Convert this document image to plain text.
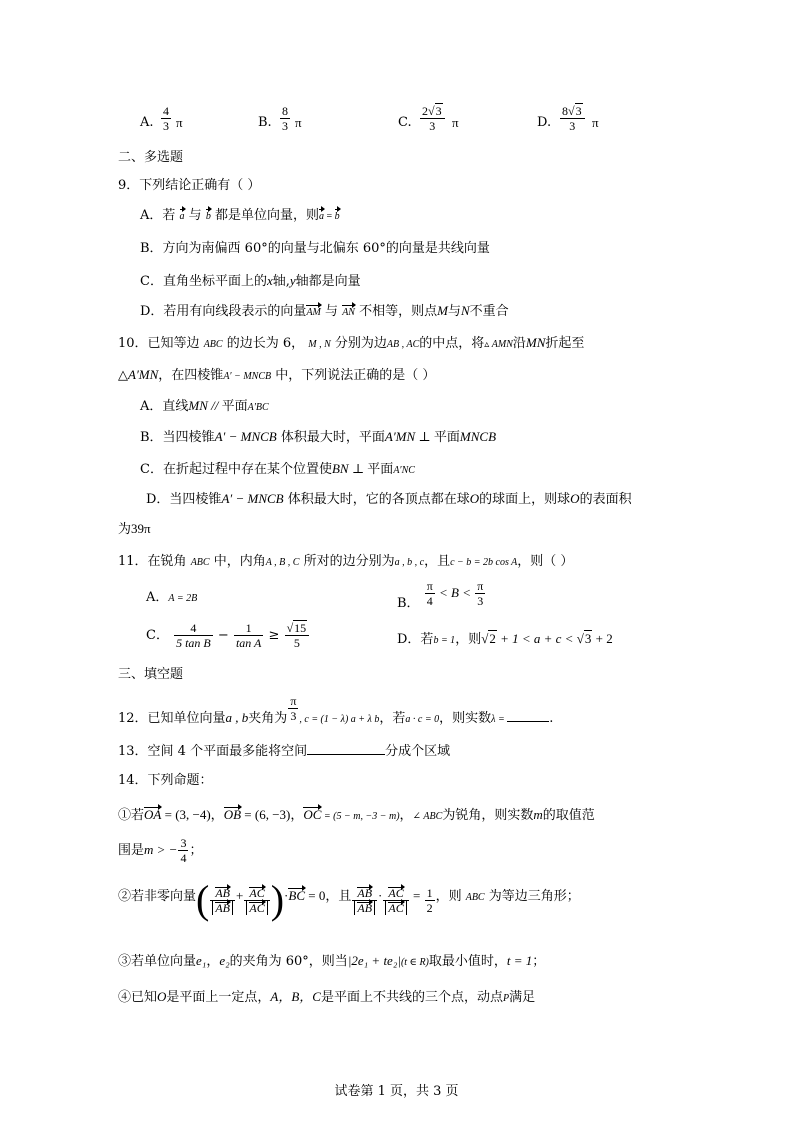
A. $\frac{4}{3}$ π	B. $\frac{8}{3}$ π	C. $\frac{2√3}{3}$ π	D. $\frac{8√3}{3}$ π
二、多选题
9．下列结论正确有（ ）
A．若 a 与 b 都是单位向量，则a = b
B．方向为南偏西 60°的向量与北偏东 60°的向量是共线向量
C．直角坐标平面上的x轴,y轴都是向量
D．若用有向线段表示的向量AM 与 AN 不相等，则点M与N不重合
10．已知等边 ABC 的边长为 6， M , N 分别为边AB , AC的中点，将▵ AMN沿MN折起至
△A′MN，在四棱锥A′ − MNCB 中，下列说法正确的是（ ）
A．直线MN // 平面A′BC
B．当四棱锥A′ − MNCB 体积最大时，平面A′MN ⊥ 平面MNCB
C．在折起过程中存在某个位置使BN ⊥ 平面A′NC
D．当四棱锥A′ − MNCB 体积最大时，它的各顶点都在球O的球面上，则球O的表面积
为39π
11．在锐角 ABC 中，内角A , B , C 所对的边分别为a , b , c，且c − b = 2b cos A，则（ ）
A．A = 2B	B． $\frac{\pi}{4} < B < \frac{\pi}{3}$
C． $\frac{4}{\text{5 tan B}} - \frac{1}{\text{tan A}} \ge \frac{√15}{5}$	D．若b = 1，则√2 + 1 < a + c < √3 + 2
三、填空题
12．已知单位向量a , b夹角为 $\frac{\pi}{3} _{, c = (1 - \lambda) a + \lambda b}$，若$_{a \cdot c = 0}$，则实数$_{\lambda =}$	.
13．空间 4 个平面最多能将空间	分成个区域
14．下列命题：
①若OA = (3, −4)，OB = (6, −3)，OC = (5 − m, −3 − m)，∠ ABC为锐角，则实数m的取值范
围是m > − $\frac{3}{4}$ ；
②若非零向量( $\frac{AB}{AB} + \frac{AC}{AC} )\cdot BC = 0$，且 $\frac{AB}{AB} \cdot \frac{AC}{AC} = \frac{1}{2}$ ，则 $^{ABC}$ 为等边三角形；
③若单位向量e₁，e₂的夹角为 60°，则当|2e₁ + te₂|(t ∈ R)取最小值时，t = 1；
④已知O是平面上一定点，A，B，C是平面上不共线的三个点，动点P满足
试卷第 1 页，共 3 页
